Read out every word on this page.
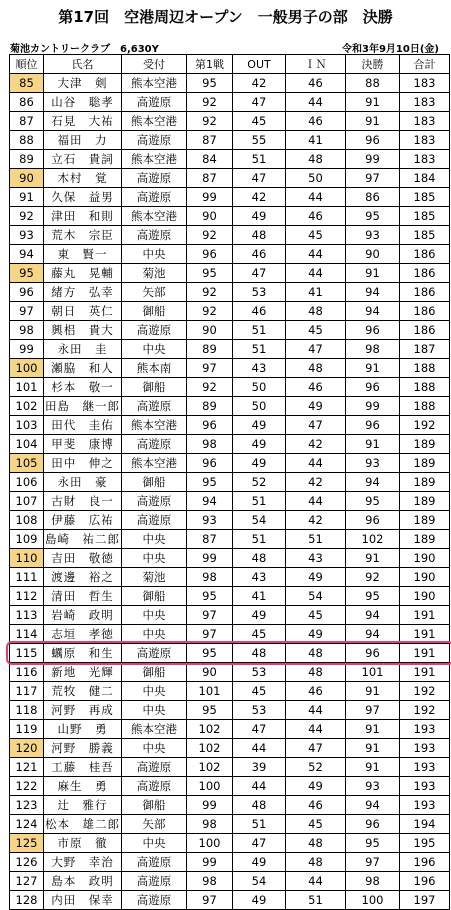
第17回　空港周辺オープン　一般男子の部　決勝
菊池カントリークラブ　6,630Y	令和3年9月10日(金)
順位	氏名	受付	第1戦	OUT	ＩＮ	決勝	合計
85	大津　剣	熊本空港	95	42	46	88	183
86	山谷　聡孝	高遊原	92	47	44	91	183
87	石見　大祐	熊本空港	92	45	46	91	183
88	福田　力	高遊原	87	55	41	96	183
89	立石　貴詞	熊本空港	84	51	48	99	183
90	木村　覚	高遊原	87	47	50	97	184
91	久保　益男	高遊原	99	42	44	86	185
92	津田　和則	熊本空港	90	49	46	95	185
93	荒木　宗臣	高遊原	92	48	45	93	185
94	東　賢一	中央	96	46	44	90	186
95	藤丸　晃輔	菊池	95	47	44	91	186
96	緒方　弘幸	矢部	92	53	41	94	186
97	朝日　英仁	御船	92	46	48	94	186
98	興梠　貴大	高遊原	90	51	45	96	186
99	永田　圭	中央	89	51	47	98	187
100	瀬脇　和人	熊本南	97	43	48	91	188
101	杉本　敬一	御船	92	50	46	96	188
102	田島　継一郎	高遊原	89	50	49	99	188
103	田代　圭佑	熊本空港	96	49	47	96	192
104	甲斐　康博	高遊原	98	49	42	91	189
105	田中　伸之	熊本空港	96	49	44	93	189
106	永田　豪	御船	95	52	42	94	189
107	古財　良一	高遊原	94	51	44	95	189
108	伊藤　広祐	高遊原	93	54	42	96	189
109	島崎　祐二郎	中央	87	51	51	102	189
110	吉田　敬徳	中央	99	48	43	91	190
111	渡邊　裕之	菊池	98	43	49	92	190
112	清田　哲生	御船	95	41	54	95	190
113	岩崎　政明	中央	97	49	45	94	191
114	志垣　孝徳	中央	97	45	49	94	191
115	蠣原　和生	高遊原	95	48	48	96	191
116	新地　光輝	御船	90	53	48	101	191
117	荒牧　健二	中央	101	45	46	91	192
118	河野　再成	中央	95	53	44	97	192
119	山野　勇	熊本空港	102	47	44	91	193
120	河野　勝義	中央	102	44	47	91	193
121	工藤　桂吾	高遊原	102	39	52	91	193
122	麻生　勇	高遊原	100	44	49	93	193
123	辻　雅行	御船	99	48	46	94	193
124	松本　雄二郎	矢部	98	51	45	96	194
125	市原　徹	中央	100	47	48	95	195
126	大野　幸治	高遊原	99	49	48	97	196
127	島本　政明	高遊原	98	54	44	98	196
128	内田　保幸	高遊原	97	49	51	100	197
